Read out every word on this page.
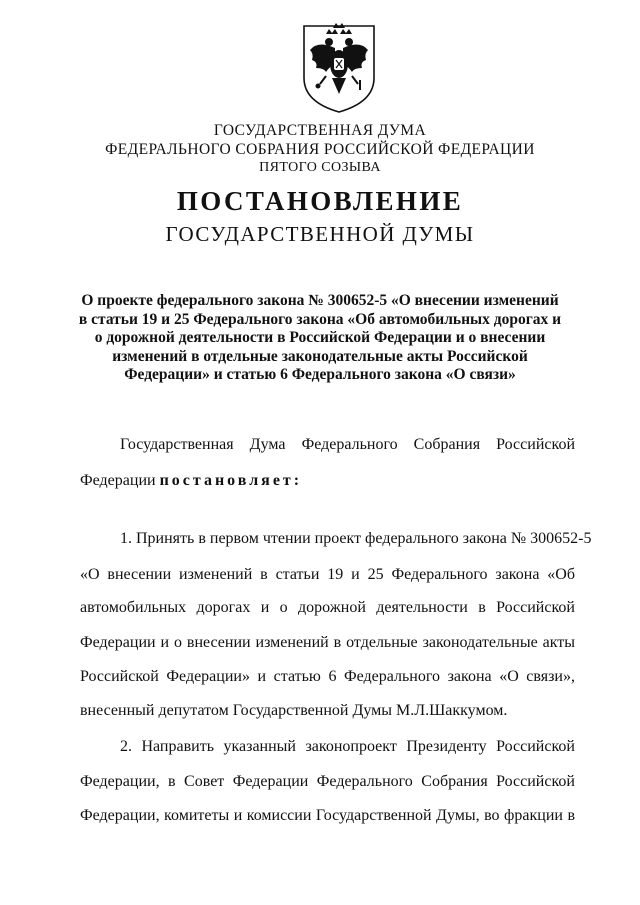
ГОСУДАРСТВЕННАЯ ДУМА
ФЕДЕРАЛЬНОГО СОБРАНИЯ РОССИЙСКОЙ ФЕДЕРАЦИИ
ПЯТОГО СОЗЫВА
ПОСТАНОВЛЕНИЕ
ГОСУДАРСТВЕННОЙ ДУМЫ
О проекте федерального закона № 300652-5 «О внесении изменений
в статьи 19 и 25 Федерального закона «Об автомобильных дорогах и
о дорожной деятельности в Российской Федерации и о внесении
изменений в отдельные законодательные акты Российской
Федерации» и статью 6 Федерального закона «О связи»
Государственная Дума Федерального Собрания Российской
Федерации постановляет:
1. Принять в первом чтении проект федерального закона № 300652-5
«О внесении изменений в статьи 19 и 25 Федерального закона «Об
автомобильных дорогах и о дорожной деятельности в Российской
Федерации и о внесении изменений в отдельные законодательные акты
Российской Федерации» и статью 6 Федерального закона «О связи»,
внесенный депутатом Государственной Думы М.Л.Шаккумом.
2. Направить указанный законопроект Президенту Российской
Федерации, в Совет Федерации Федерального Собрания Российской
Федерации, комитеты и комиссии Государственной Думы, во фракции в
